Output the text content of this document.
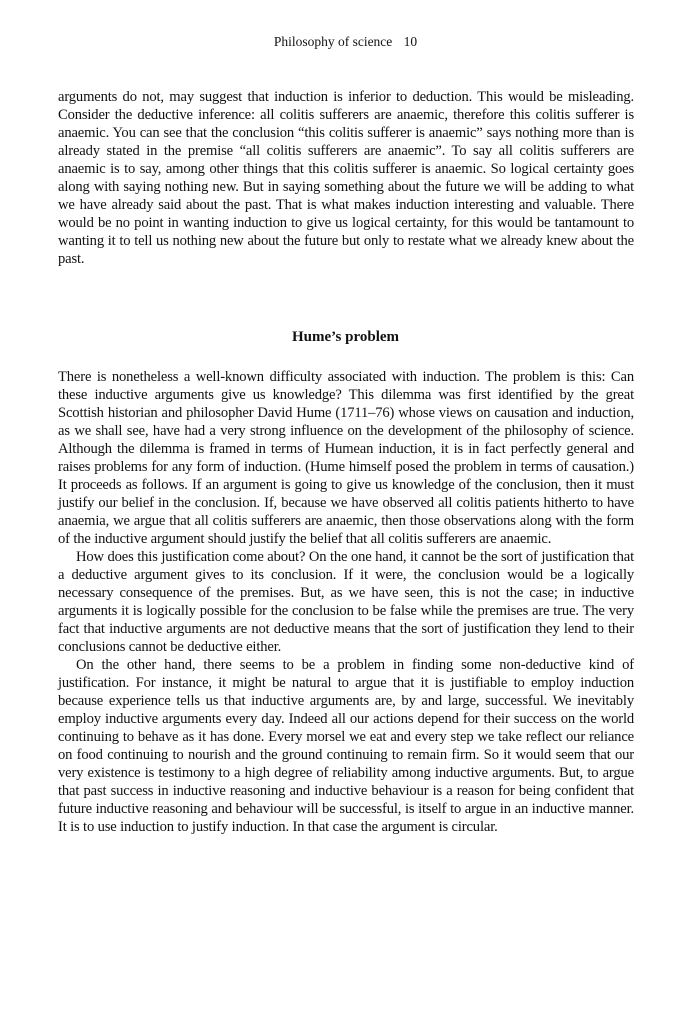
Philosophy of science 10

arguments do not, may suggest that induction is inferior to deduction. This would be misleading. Consider the deductive inference: all colitis sufferers are anaemic, therefore this colitis sufferer is anaemic. You can see that the conclusion “this colitis sufferer is anaemic” says nothing more than is already stated in the premise “all colitis sufferers are anaemic”. To say all colitis sufferers are anaemic is to say, among other things that this colitis sufferer is anaemic. So logical certainty goes along with saying nothing new. But in saying something about the future we will be adding to what we have already said about the past. That is what makes induction interesting and valuable. There would be no point in wanting induction to give us logical certainty, for this would be tantamount to wanting it to tell us nothing new about the future but only to restate what we already knew about the past.

Hume’s problem

There is nonetheless a well-known difficulty associated with induction. The problem is this: Can these inductive arguments give us knowledge? This dilemma was first identified by the great Scottish historian and philosopher David Hume (1711–76) whose views on causation and induction, as we shall see, have had a very strong influence on the development of the philosophy of science. Although the dilemma is framed in terms of Humean induction, it is in fact perfectly general and raises problems for any form of induction. (Hume himself posed the problem in terms of causation.) It proceeds as follows. If an argument is going to give us knowledge of the conclusion, then it must justify our belief in the conclusion. If, because we have observed all colitis patients hitherto to have anaemia, we argue that all colitis sufferers are anaemic, then those observations along with the form of the inductive argument should justify the belief that all colitis sufferers are anaemic.

How does this justification come about? On the one hand, it cannot be the sort of justification that a deductive argument gives to its conclusion. If it were, the conclusion would be a logically necessary consequence of the premises. But, as we have seen, this is not the case; in inductive arguments it is logically possible for the conclusion to be false while the premises are true. The very fact that inductive arguments are not deductive means that the sort of justification they lend to their conclusions cannot be deductive either.

On the other hand, there seems to be a problem in finding some non-deductive kind of justification. For instance, it might be natural to argue that it is justifiable to employ induction because experience tells us that inductive arguments are, by and large, successful. We inevitably employ inductive arguments every day. Indeed all our actions depend for their success on the world continuing to behave as it has done. Every morsel we eat and every step we take reflect our reliance on food continuing to nourish and the ground continuing to remain firm. So it would seem that our very existence is testimony to a high degree of reliability among inductive arguments. But, to argue that past success in inductive reasoning and inductive behaviour is a reason for being confident that future inductive reasoning and behaviour will be successful, is itself to argue in an inductive manner. It is to use induction to justify induction. In that case the argument is circular.
